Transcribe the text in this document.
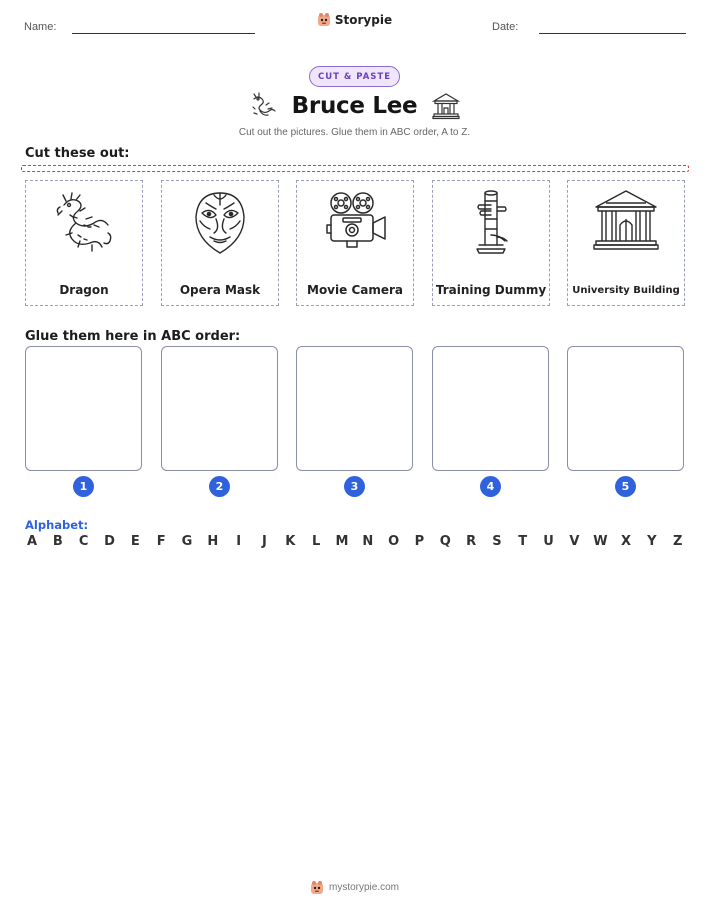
Name:
Storypie
Date:
CUT & PASTE
Bruce Lee
Cut out the pictures. Glue them in ABC order, A to Z.
Cut these out:
Dragon	Opera Mask	Movie Camera	Training Dummy	University Building
Glue them here in ABC order:
1	2	3	4	5
Alphabet:
A B C D E F G H	I	J	K L M N O P Q R S T U V W X Y Z
mystorypie.com
